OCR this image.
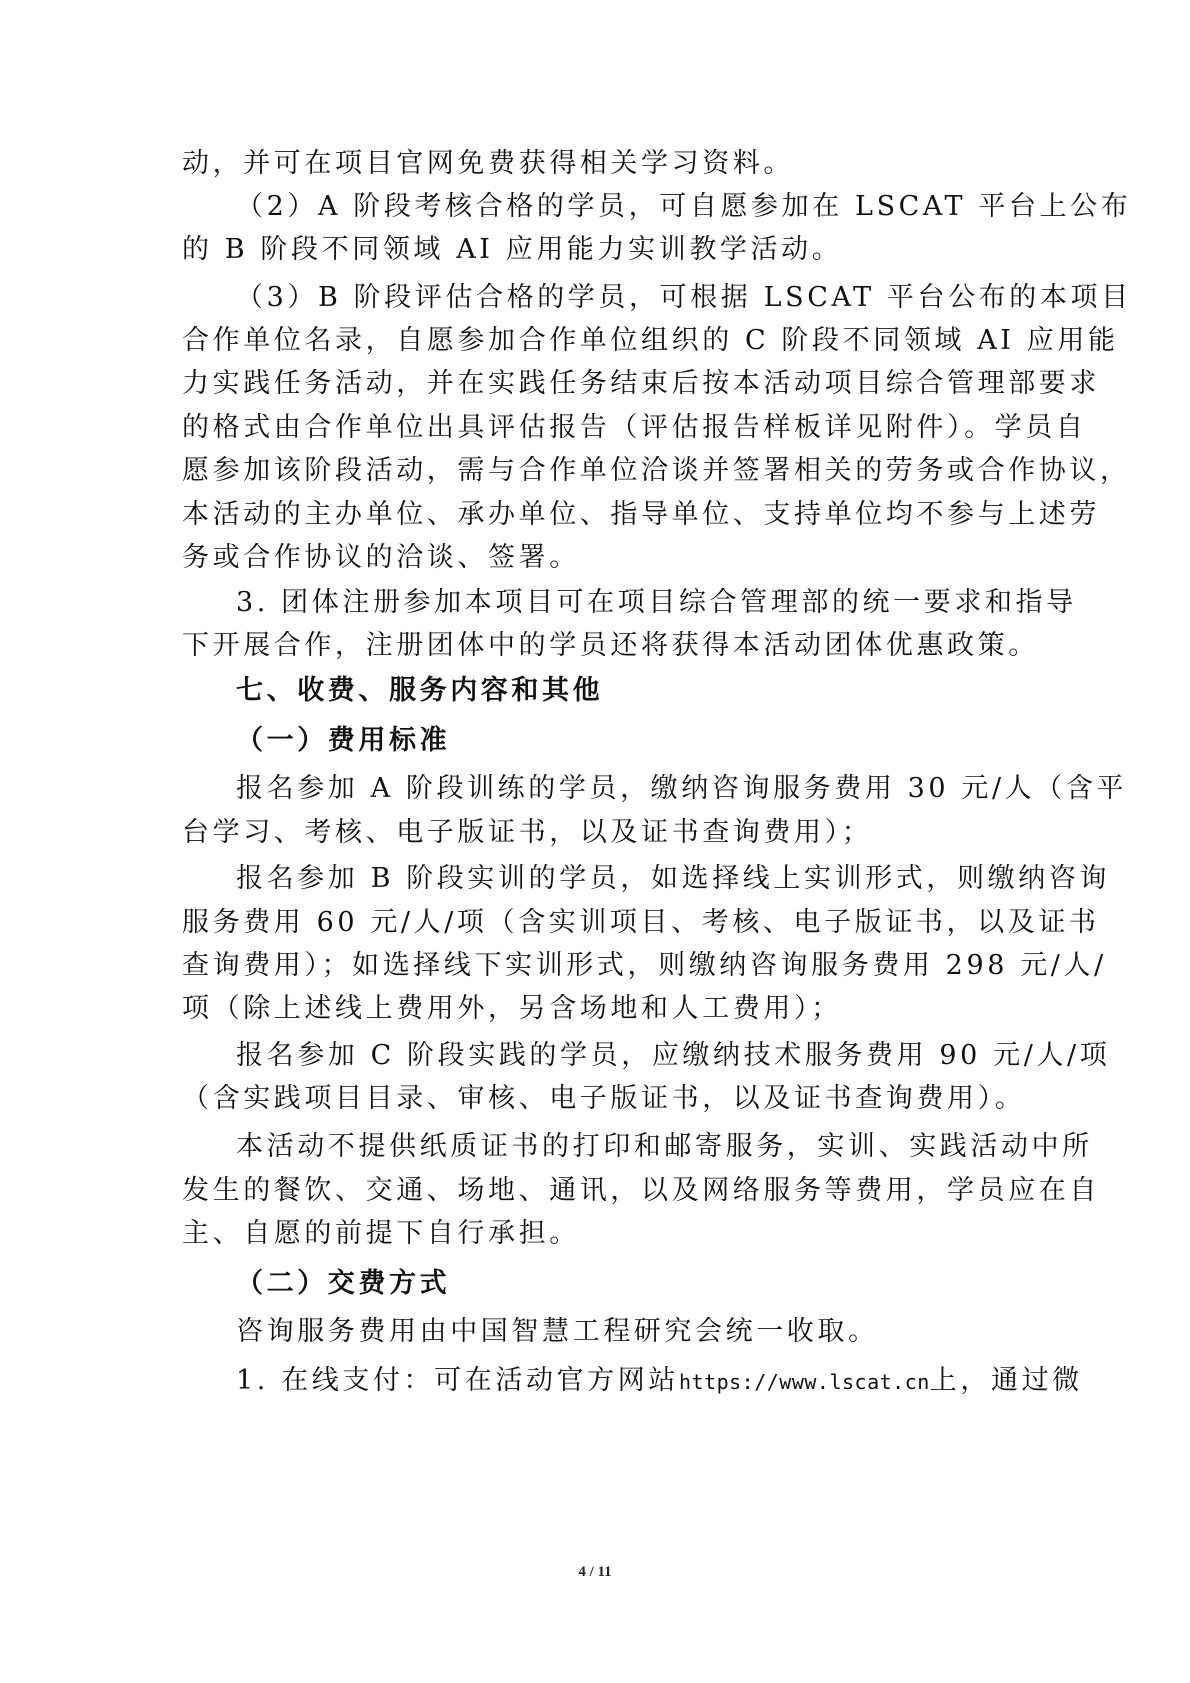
动，并可在项目官网免费获得相关学习资料。
（2）A 阶段考核合格的学员，可自愿参加在 LSCAT 平台上公布
的 B 阶段不同领域 AI 应用能力实训教学活动。
（3）B 阶段评估合格的学员，可根据 LSCAT 平台公布的本项目
合作单位名录，自愿参加合作单位组织的 C 阶段不同领域 AI 应用能
力实践任务活动，并在实践任务结束后按本活动项目综合管理部要求
的格式由合作单位出具评估报告（评估报告样板详见附件）。学员自
愿参加该阶段活动，需与合作单位洽谈并签署相关的劳务或合作协议，
本活动的主办单位、承办单位、指导单位、支持单位均不参与上述劳
务或合作协议的洽谈、签署。
3. 团体注册参加本项目可在项目综合管理部的统一要求和指导
下开展合作，注册团体中的学员还将获得本活动团体优惠政策。
七、收费、服务内容和其他
（一）费用标准
报名参加 A 阶段训练的学员，缴纳咨询服务费用 30 元/人（含平
台学习、考核、电子版证书，以及证书查询费用）；
报名参加 B 阶段实训的学员，如选择线上实训形式，则缴纳咨询
服务费用 60 元/人/项（含实训项目、考核、电子版证书，以及证书
查询费用）；如选择线下实训形式，则缴纳咨询服务费用 298 元/人/
项（除上述线上费用外，另含场地和人工费用）；
报名参加 C 阶段实践的学员，应缴纳技术服务费用 90 元/人/项
（含实践项目目录、审核、电子版证书，以及证书查询费用）。
本活动不提供纸质证书的打印和邮寄服务，实训、实践活动中所
发生的餐饮、交通、场地、通讯，以及网络服务等费用，学员应在自
主、自愿的前提下自行承担。
（二）交费方式
咨询服务费用由中国智慧工程研究会统一收取。
1. 在线支付：可在活动官方网站https://www.lscat.cn上，通过微
4 / 11
